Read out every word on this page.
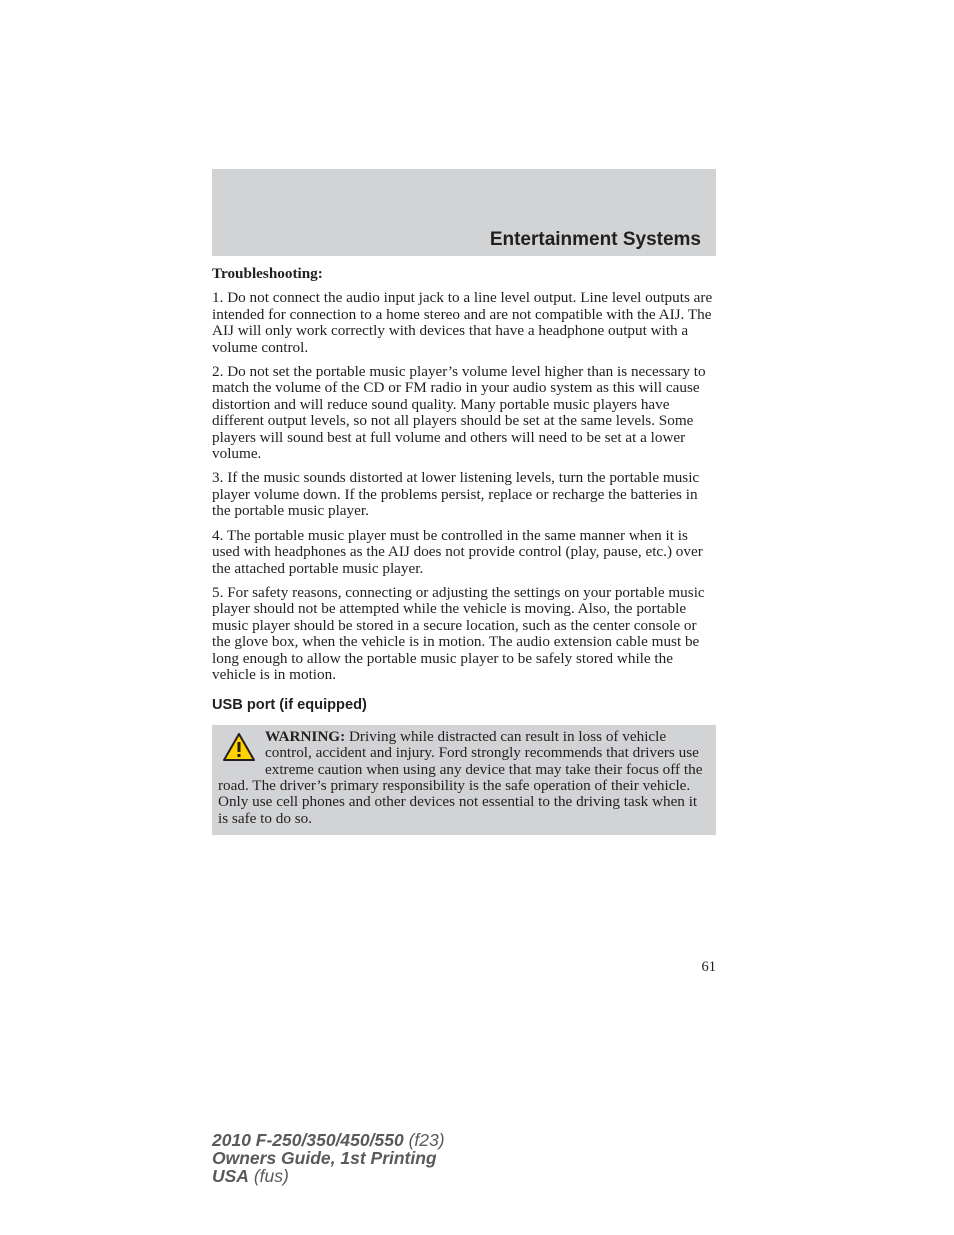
Entertainment Systems

Troubleshooting:

1. Do not connect the audio input jack to a line level output. Line level outputs are intended for connection to a home stereo and are not compatible with the AIJ. The AIJ will only work correctly with devices that have a headphone output with a volume control.

2. Do not set the portable music player’s volume level higher than is necessary to match the volume of the CD or FM radio in your audio system as this will cause distortion and will reduce sound quality. Many portable music players have different output levels, so not all players should be set at the same levels. Some players will sound best at full volume and others will need to be set at a lower volume.

3. If the music sounds distorted at lower listening levels, turn the portable music player volume down. If the problems persist, replace or recharge the batteries in the portable music player.

4. The portable music player must be controlled in the same manner when it is used with headphones as the AIJ does not provide control (play, pause, etc.) over the attached portable music player.

5. For safety reasons, connecting or adjusting the settings on your portable music player should not be attempted while the vehicle is moving. Also, the portable music player should be stored in a secure location, such as the center console or the glove box, when the vehicle is in motion. The audio extension cable must be long enough to allow the portable music player to be safely stored while the vehicle is in motion.

USB port (if equipped)
WARNING: Driving while distracted can result in loss of vehicle control, accident and injury. Ford strongly recommends that drivers use extreme caution when using any device that may take their focus off the road. The driver’s primary responsibility is the safe operation of their vehicle. Only use cell phones and other devices not essential to the driving task when it is safe to do so.
61
2010 F-250/350/450/550 (f23)
Owners Guide, 1st Printing
USA (fus)
